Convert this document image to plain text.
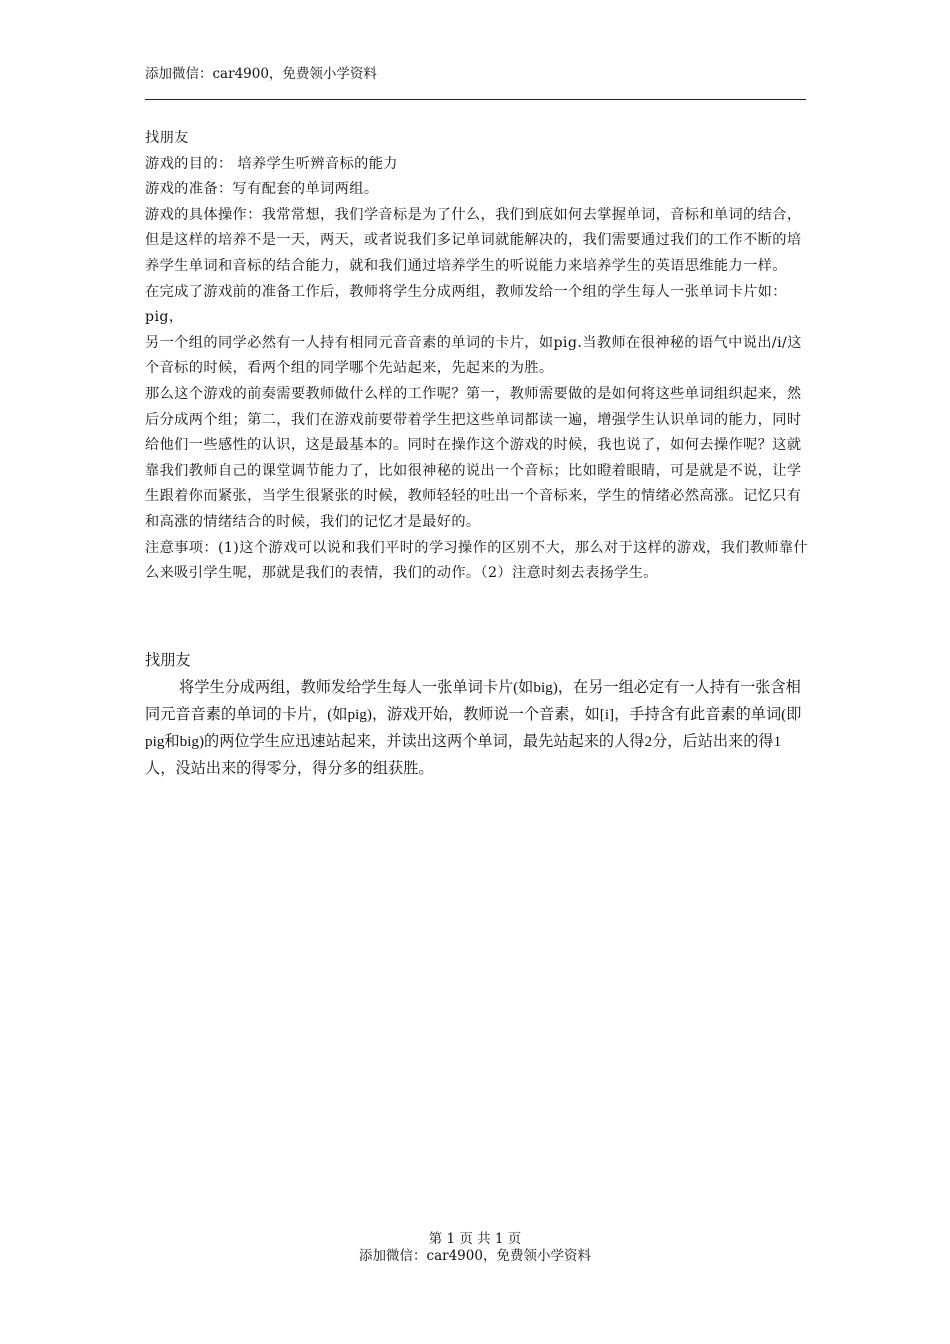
添加微信：car4900，免费领小学资料

找朋友

游戏的目的： 培养学生听辨音标的能力

游戏的准备：写有配套的单词两组。

游戏的具体操作：我常常想，我们学音标是为了什么，我们到底如何去掌握单词，音标和单词的结合，但是这样的培养不是一天，两天，或者说我们多记单词就能解决的，我们需要通过我们的工作不断的培养学生单词和音标的结合能力，就和我们通过培养学生的听说能力来培养学生的英语思维能力一样。

在完成了游戏前的准备工作后，教师将学生分成两组，教师发给一个组的学生每人一张单词卡片如：pig，

另一个组的同学必然有一人持有相同元音音素的单词的卡片，如pig.当教师在很神秘的语气中说出/i/这个音标的时候，看两个组的同学哪个先站起来，先起来的为胜。

那么这个游戏的前奏需要教师做什么样的工作呢？第一，教师需要做的是如何将这些单词组织起来，然后分成两个组；第二，我们在游戏前要带着学生把这些单词都读一遍，增强学生认识单词的能力，同时给他们一些感性的认识，这是最基本的。同时在操作这个游戏的时候，我也说了，如何去操作呢？这就靠我们教师自己的课堂调节能力了，比如很神秘的说出一个音标；比如瞪着眼睛，可是就是不说，让学生跟着你而紧张，当学生很紧张的时候，教师轻轻的吐出一个音标来，学生的情绪必然高涨。记忆只有和高涨的情绪结合的时候，我们的记忆才是最好的。

注意事项：(1)这个游戏可以说和我们平时的学习操作的区别不大，那么对于这样的游戏，我们教师靠什么来吸引学生呢，那就是我们的表情，我们的动作。（2）注意时刻去表扬学生。

找朋友

将学生分成两组，教师发给学生每人一张单词卡片(如big)，在另一组必定有一人持有一张含相同元音音素的单词的卡片，(如pig)，游戏开始，教师说一个音素，如[i]，手持含有此音素的单词(即pig和big)的两位学生应迅速站起来，并读出这两个单词，最先站起来的人得2分，后站出来的得1人，没站出来的得零分，得分多的组获胜。

第 1 页 共 1 页
添加微信：car4900，免费领小学资料
